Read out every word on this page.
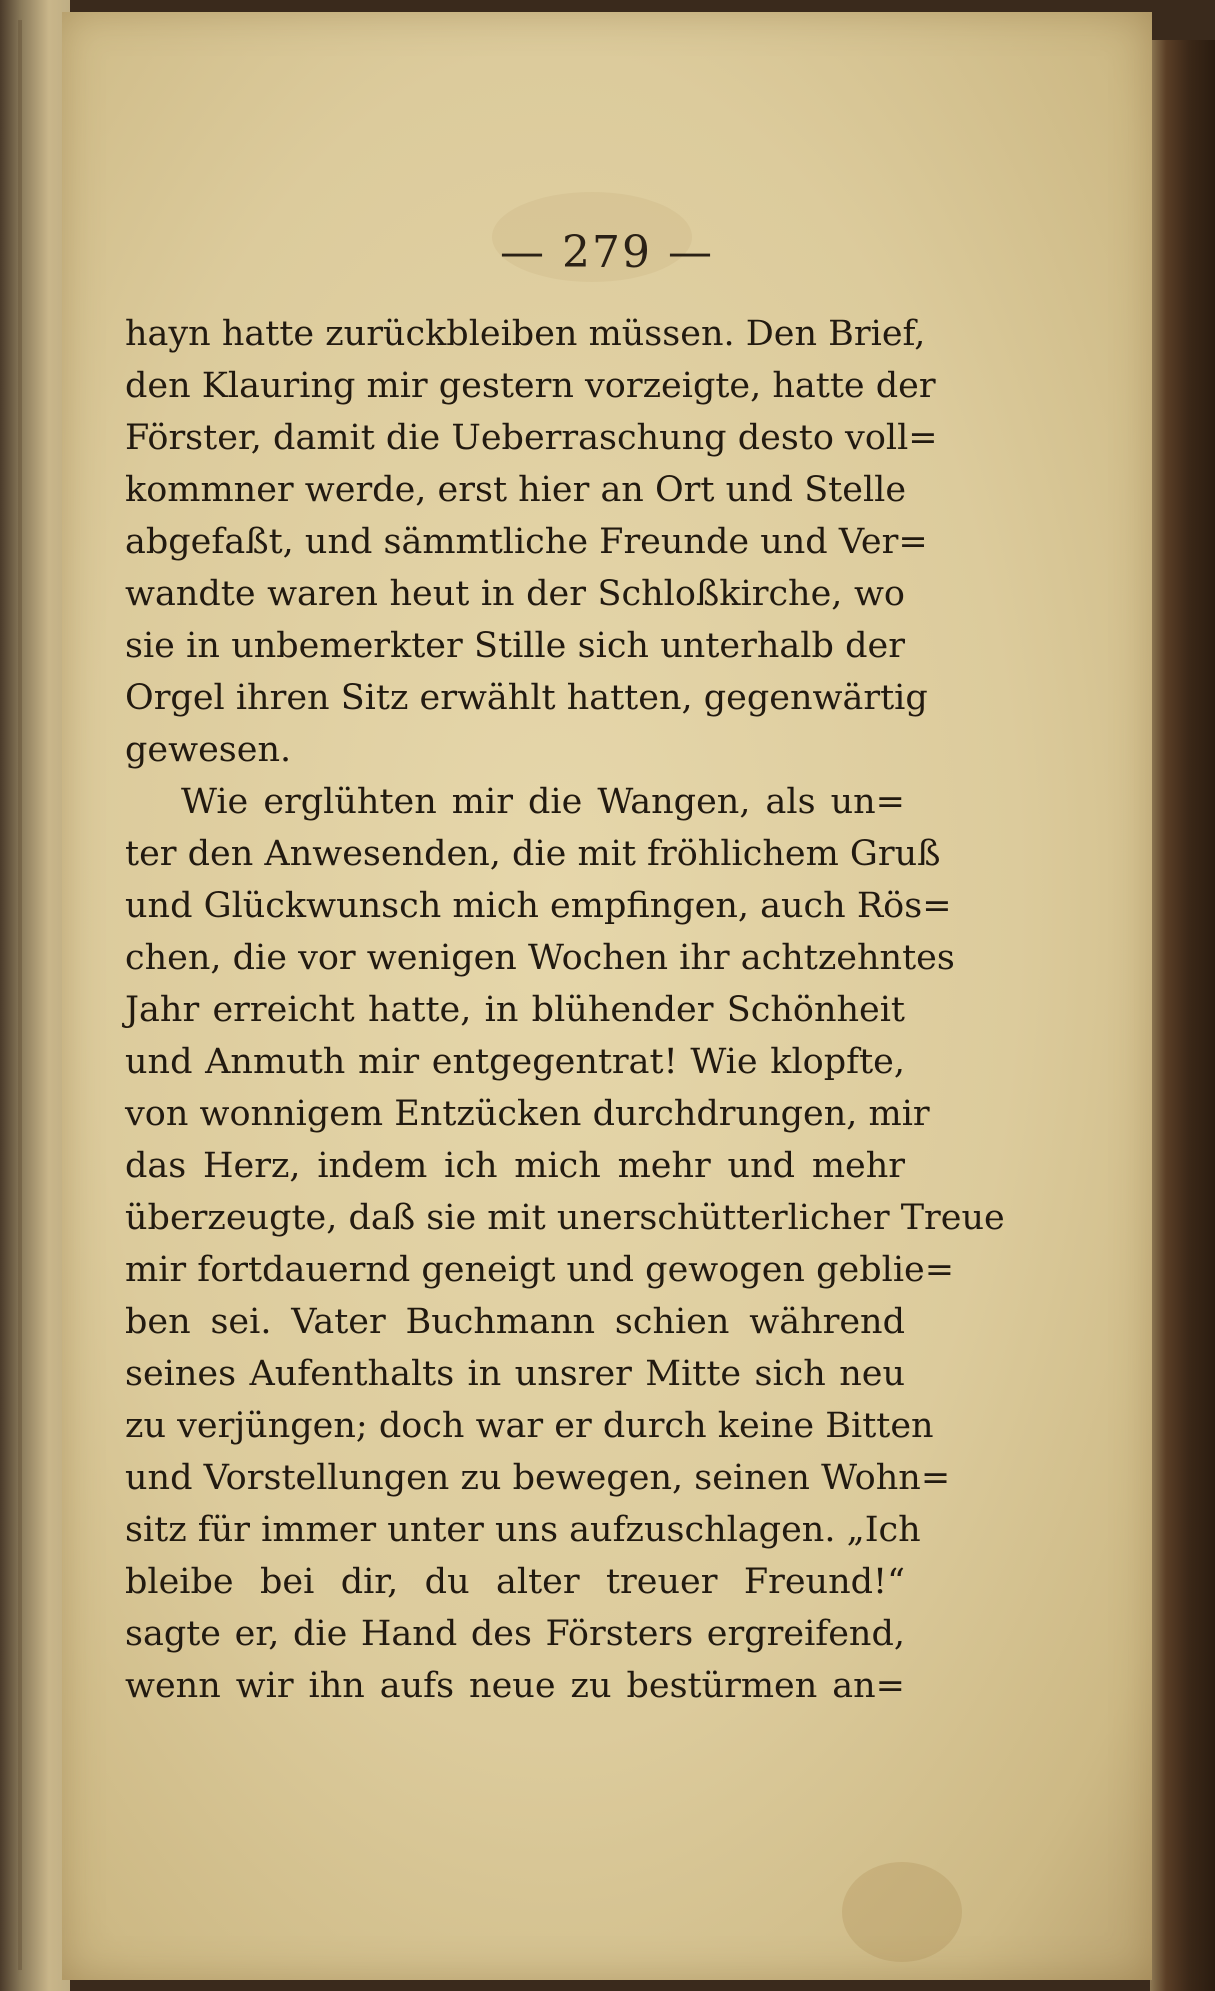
— 279 —
hayn hatte zurückbleiben müssen. Den Brief,
den Klauring mir gestern vorzeigte, hatte der
Förster, damit die Ueberraschung desto voll=
kommner werde, erst hier an Ort und Stelle
abgefaßt, und sämmtliche Freunde und Ver=
wandte waren heut in der Schloßkirche, wo
sie in unbemerkter Stille sich unterhalb der
Orgel ihren Sitz erwählt hatten, gegenwärtig
gewesen.
Wie erglühten mir die Wangen, als un=
ter den Anwesenden, die mit fröhlichem Gruß
und Glückwunsch mich empfingen, auch Rös=
chen, die vor wenigen Wochen ihr achtzehntes
Jahr erreicht hatte, in blühender Schönheit
und Anmuth mir entgegentrat! Wie klopfte,
von wonnigem Entzücken durchdrungen, mir
das Herz, indem ich mich mehr und mehr
überzeugte, daß sie mit unerschütterlicher Treue
mir fortdauernd geneigt und gewogen geblie=
ben sei. Vater Buchmann schien während
seines Aufenthalts in unsrer Mitte sich neu
zu verjüngen; doch war er durch keine Bitten
und Vorstellungen zu bewegen, seinen Wohn=
sitz für immer unter uns aufzuschlagen. „Ich
bleibe bei dir, du alter treuer Freund!“
sagte er, die Hand des Försters ergreifend,
wenn wir ihn aufs neue zu bestürmen an=
